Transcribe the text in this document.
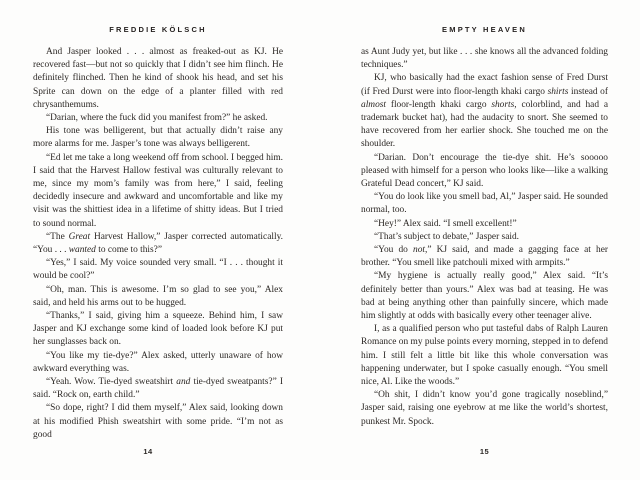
FREDDIE KÖLSCH

And Jasper looked . . . almost as freaked-out as KJ. He recovered fast—but not so quickly that I didn’t see him flinch. He definitely flinched. Then he kind of shook his head, and set his Sprite can down on the edge of a planter filled with red chrysanthemums.

“Darian, where the fuck did you manifest from?” he asked.

His tone was belligerent, but that actually didn’t raise any more alarms for me. Jasper’s tone was always belligerent.

“Ed let me take a long weekend off from school. I begged him. I said that the Harvest Hallow festival was culturally relevant to me, since my mom’s family was from here,” I said, feeling decidedly insecure and awkward and uncomfortable and like my visit was the shittiest idea in a lifetime of shitty ideas. But I tried to sound normal.

“The Great Harvest Hallow,” Jasper corrected automatically. “You . . . wanted to come to this?”

“Yes,” I said. My voice sounded very small. “I . . . thought it would be cool?”

“Oh, man. This is awesome. I’m so glad to see you,” Alex said, and held his arms out to be hugged.

“Thanks,” I said, giving him a squeeze. Behind him, I saw Jasper and KJ exchange some kind of loaded look before KJ put her sunglasses back on.

“You like my tie-dye?” Alex asked, utterly unaware of how awkward everything was.

“Yeah. Wow. Tie-dyed sweatshirt and tie-dyed sweatpants?” I said. “Rock on, earth child.”

“So dope, right? I did them myself,” Alex said, looking down at his modified Phish sweatshirt with some pride. “I’m not as good

14
EMPTY HEAVEN

as Aunt Judy yet, but like . . . she knows all the advanced folding techniques.”

KJ, who basically had the exact fashion sense of Fred Durst (if Fred Durst were into floor-length khaki cargo shirts instead of almost floor-length khaki cargo shorts, colorblind, and had a trademark bucket hat), had the audacity to snort. She seemed to have recovered from her earlier shock. She touched me on the shoulder.

“Darian. Don’t encourage the tie-dye shit. He’s sooooo pleased with himself for a person who looks like—like a walking Grateful Dead concert,” KJ said.

“You do look like you smell bad, Al,” Jasper said. He sounded normal, too.

“Hey!” Alex said. “I smell excellent!”

“That’s subject to debate,” Jasper said.

“You do not,” KJ said, and made a gagging face at her brother. “You smell like patchouli mixed with armpits.”

“My hygiene is actually really good,” Alex said. “It’s definitely better than yours.” Alex was bad at teasing. He was bad at being anything other than painfully sincere, which made him slightly at odds with basically every other teenager alive.

I, as a qualified person who put tasteful dabs of Ralph Lauren Romance on my pulse points every morning, stepped in to defend him. I still felt a little bit like this whole conversation was happening underwater, but I spoke casually enough. “You smell nice, Al. Like the woods.”

“Oh shit, I didn’t know you’d gone tragically noseblind,” Jasper said, raising one eyebrow at me like the world’s shortest, punkest Mr. Spock.

15
